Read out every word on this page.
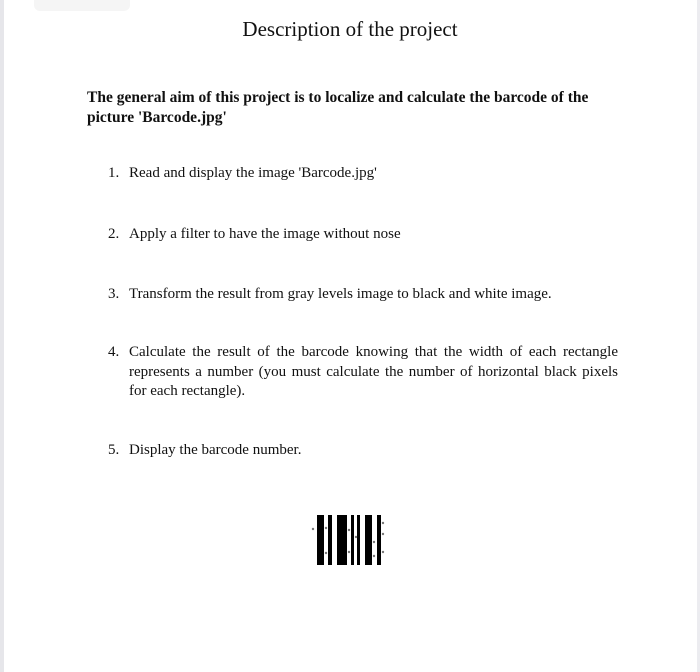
Description of the project
The general aim of this project is to localize and calculate the barcode of the picture 'Barcode.jpg'
1. Read and display the image 'Barcode.jpg'
2. Apply a filter to have the image without nose
3. Transform the result from gray levels image to black and white image.
4. Calculate the result of the barcode knowing that the width of each rectangle represents a number (you must calculate the number of horizontal black pixels for each rectangle).
5. Display the barcode number.
